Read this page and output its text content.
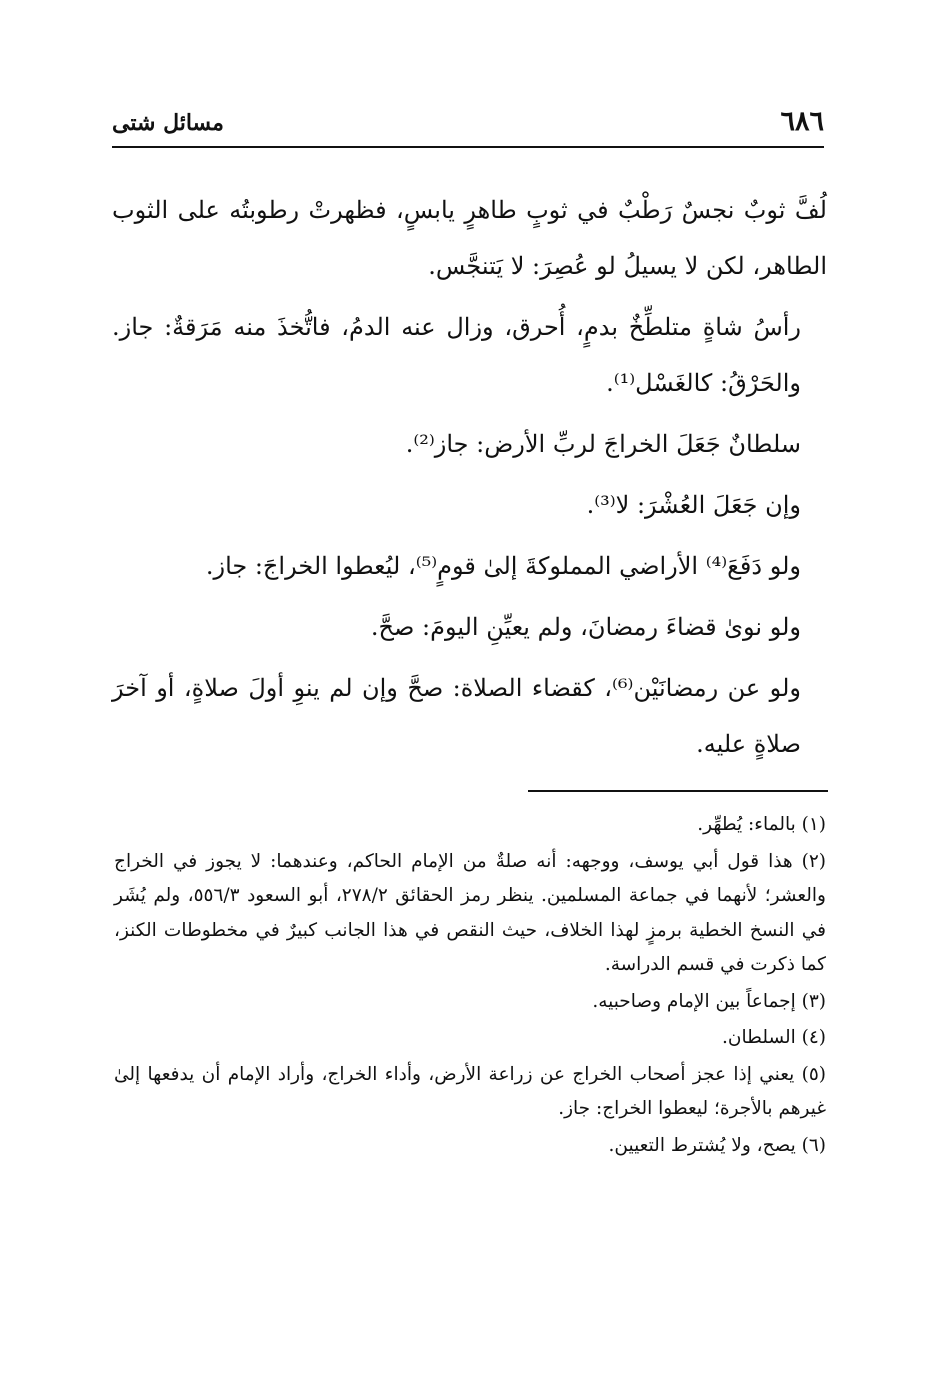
٦٨٦
مسائل شتى

لُفَّ ثوبٌ نجسٌ رَطْبٌ في ثوبٍ طاهرٍ يابسٍ، فظهرتْ رطوبتُه على الثوب الطاهر، لكن لا يسيلُ لو عُصِرَ: لا يَتنجَّس.

رأسُ شاةٍ متلطِّخٌ بدمٍ، أُحرق، وزال عنه الدمُ، فاتُّخذَ منه مَرَقةٌ: جاز. والحَرْقُ: كالغَسْل⁽¹⁾.

سلطانٌ جَعَلَ الخراجَ لربِّ الأرض: جاز⁽²⁾.

وإن جَعَلَ العُشْرَ: لا⁽³⁾.

ولو دَفَعَ⁽⁴⁾ الأراضي المملوكةَ إلىٰ قومٍ⁽⁵⁾، ليُعطوا الخراجَ: جاز.

ولو نوىٰ قضاءَ رمضانَ، ولم يعيِّنِ اليومَ: صحَّ.

ولو عن رمضانَيْن⁽⁶⁾، كقضاء الصلاة: صحَّ وإن لم ينوِ أولَ صلاةٍ، أو آخرَ صلاةٍ عليه.

(١) بالماء: يُطهِّر.

(٢) هذا قول أبي يوسف، ووجهه: أنه صلةٌ من الإمام الحاكم، وعندهما: لا يجوز في الخراج والعشر؛ لأنهما في جماعة المسلمين. ينظر رمز الحقائق ٢٧٨/٢، أبو السعود ٥٥٦/٣، ولم يُشَر في النسخ الخطية برمزٍ لهذا الخلاف، حيث النقص في هذا الجانب كبيرٌ في مخطوطات الكنز، كما ذكرت في قسم الدراسة.

(٣) إجماعاً بين الإمام وصاحبيه.

(٤) السلطان.

(٥) يعني إذا عجز أصحاب الخراج عن زراعة الأرض، وأداء الخراج، وأراد الإمام أن يدفعها إلىٰ غيرهم بالأجرة؛ ليعطوا الخراج: جاز.

(٦) يصح، ولا يُشترط التعيين.
